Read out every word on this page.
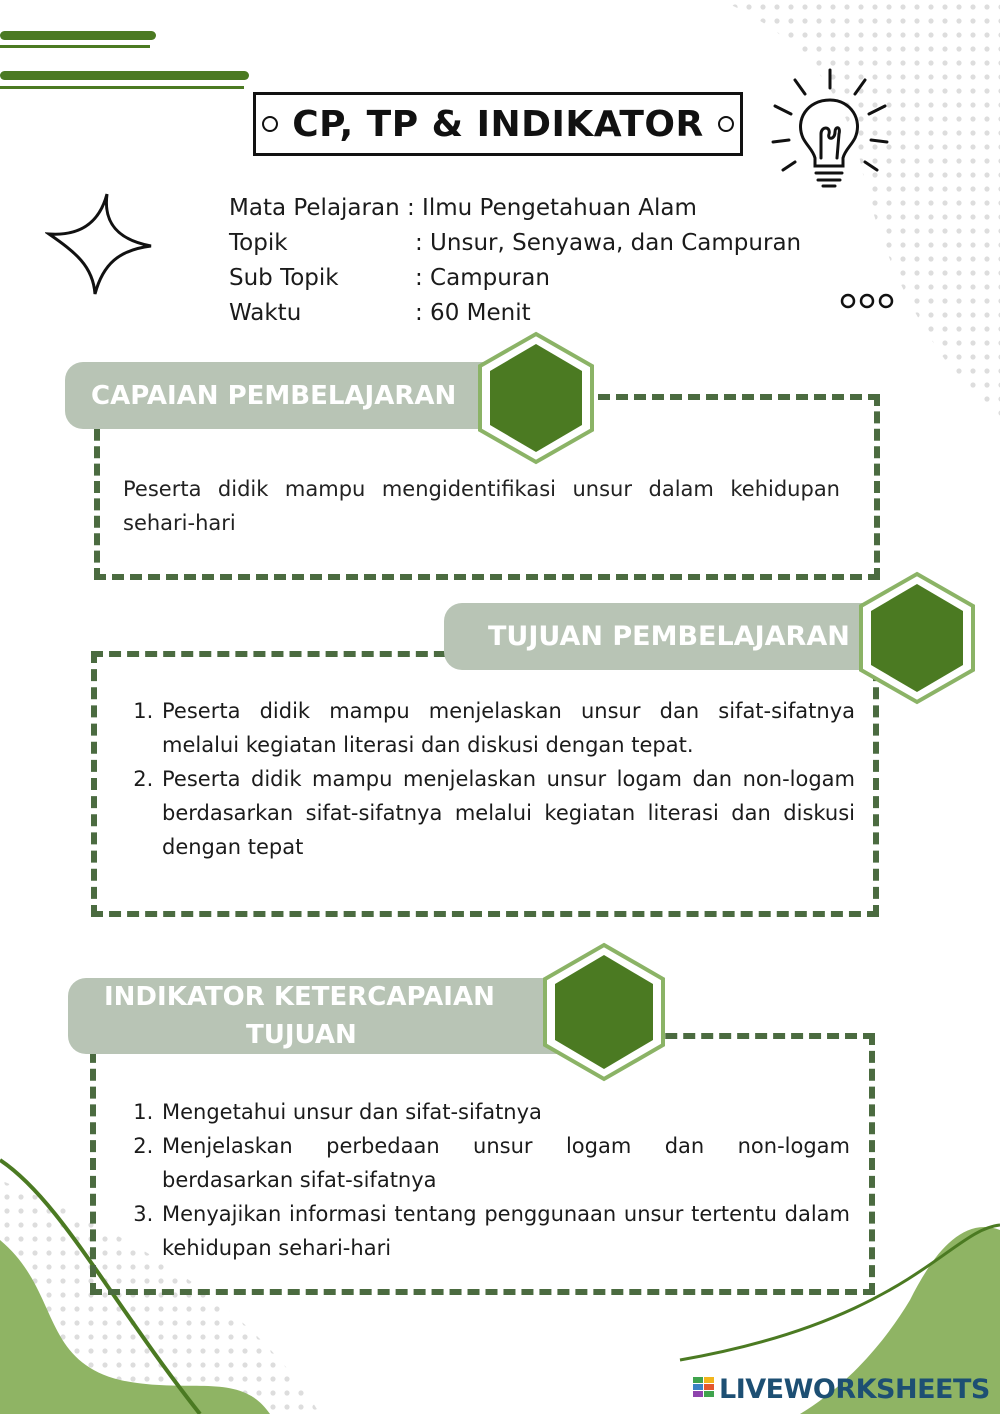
CP, TP & INDIKATOR
Mata Pelajaran : Ilmu Pengetahuan Alam
Topik	: Unsur, Senyawa, dan Campuran
Sub Topik	: Campuran
Waktu	: 60 Menit
CAPAIAN PEMBELAJARAN
Peserta didik mampu mengidentifikasi unsur dalam kehidupan sehari-hari
TUJUAN PEMBELAJARAN
1. Peserta didik mampu menjelaskan unsur dan sifat-sifatnya melalui kegiatan literasi dan diskusi dengan tepat.
2. Peserta didik mampu menjelaskan unsur logam dan non-logam berdasarkan sifat-sifatnya melalui kegiatan literasi dan diskusi dengan tepat
INDIKATOR KETERCAPAIAN
TUJUAN
1. Mengetahui unsur dan sifat-sifatnya
2. Menjelaskan perbedaan unsur logam dan non-logam berdasarkan sifat-sifatnya
3. Menyajikan informasi tentang penggunaan unsur tertentu dalam kehidupan sehari-hari
LIVEWORKSHEETS
